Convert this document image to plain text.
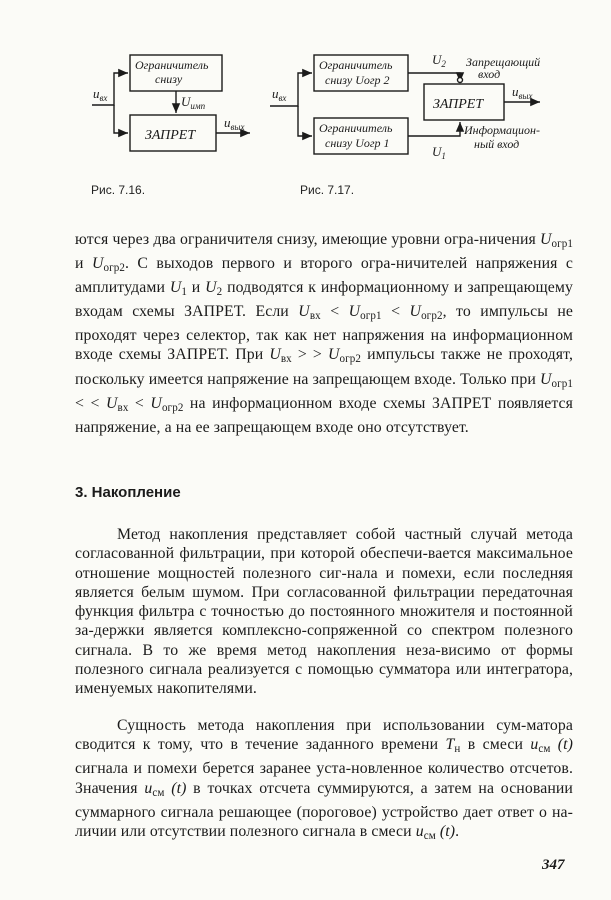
Ограничитель
снизу
ЗАПРЕТ
$u_{вх}$	$U_{имп}$
$u_{вых}$
Ограничитель
снизу Uогр 2
Ограничитель
снизу Uогр 1
ЗАПРЕТ
$u_{вх}$	$u_{вых}$
$U_2$
$U_1$
Запрещающий
вход
Информацион-
ный вход
Рис. 7.16.	Рис. 7.17.

ются через два ограничителя снизу, имеющие уровни огра-ничения $U_{огр1}$ и $U_{огр2}$. С выходов первого и второго огра-ничителей напряжения с амплитудами $U_1$ и $U_2$ подводятся к информационному и запрещающему входам схемы ЗАПРЕТ. Если $U_{вх} < U_{огр1} < U_{огр2}$, то импульсы не проходят через селектор, так как нет напряжения на информационном входе схемы ЗАПРЕТ. При $U_{вх}$ > > $U_{огр2}$ импульсы также не проходят, поскольку имеется напряжение на запрещающем входе. Только при $U_{огр1}$ < < $U_{вх} < U_{огр2}$ на информационном входе схемы ЗАПРЕТ появляется напряжение, а на ее запрещающем входе оно отсутствует.

3. Накопление

Метод накопления представляет собой частный случай метода согласованной фильтрации, при которой обеспечи-вается максимальное отношение мощностей полезного сиг-нала и помехи, если последняя является белым шумом. При согласованной фильтрации передаточная функция фильтра с точностью до постоянного множителя и постоянной за-держки является комплексно-сопряженной со спектром полезного сигнала. В то же время метод накопления неза-висимо от формы полезного сигнала реализуется с помощью сумматора или интегратора, именуемых накопителями.

Сущность метода накопления при использовании сум-матора сводится к тому, что в течение заданного времени $T_н$ в смеси $u_{см}$ (t) сигнала и помехи берется заранее уста-новленное количество отсчетов. Значения $u_{см}$ (t) в точках отсчета суммируются, а затем на основании суммарного сигнала решающее (пороговое) устройство дает ответ о на-личии или отсутствии полезного сигнала в смеси $u_{см}$ (t).

347
